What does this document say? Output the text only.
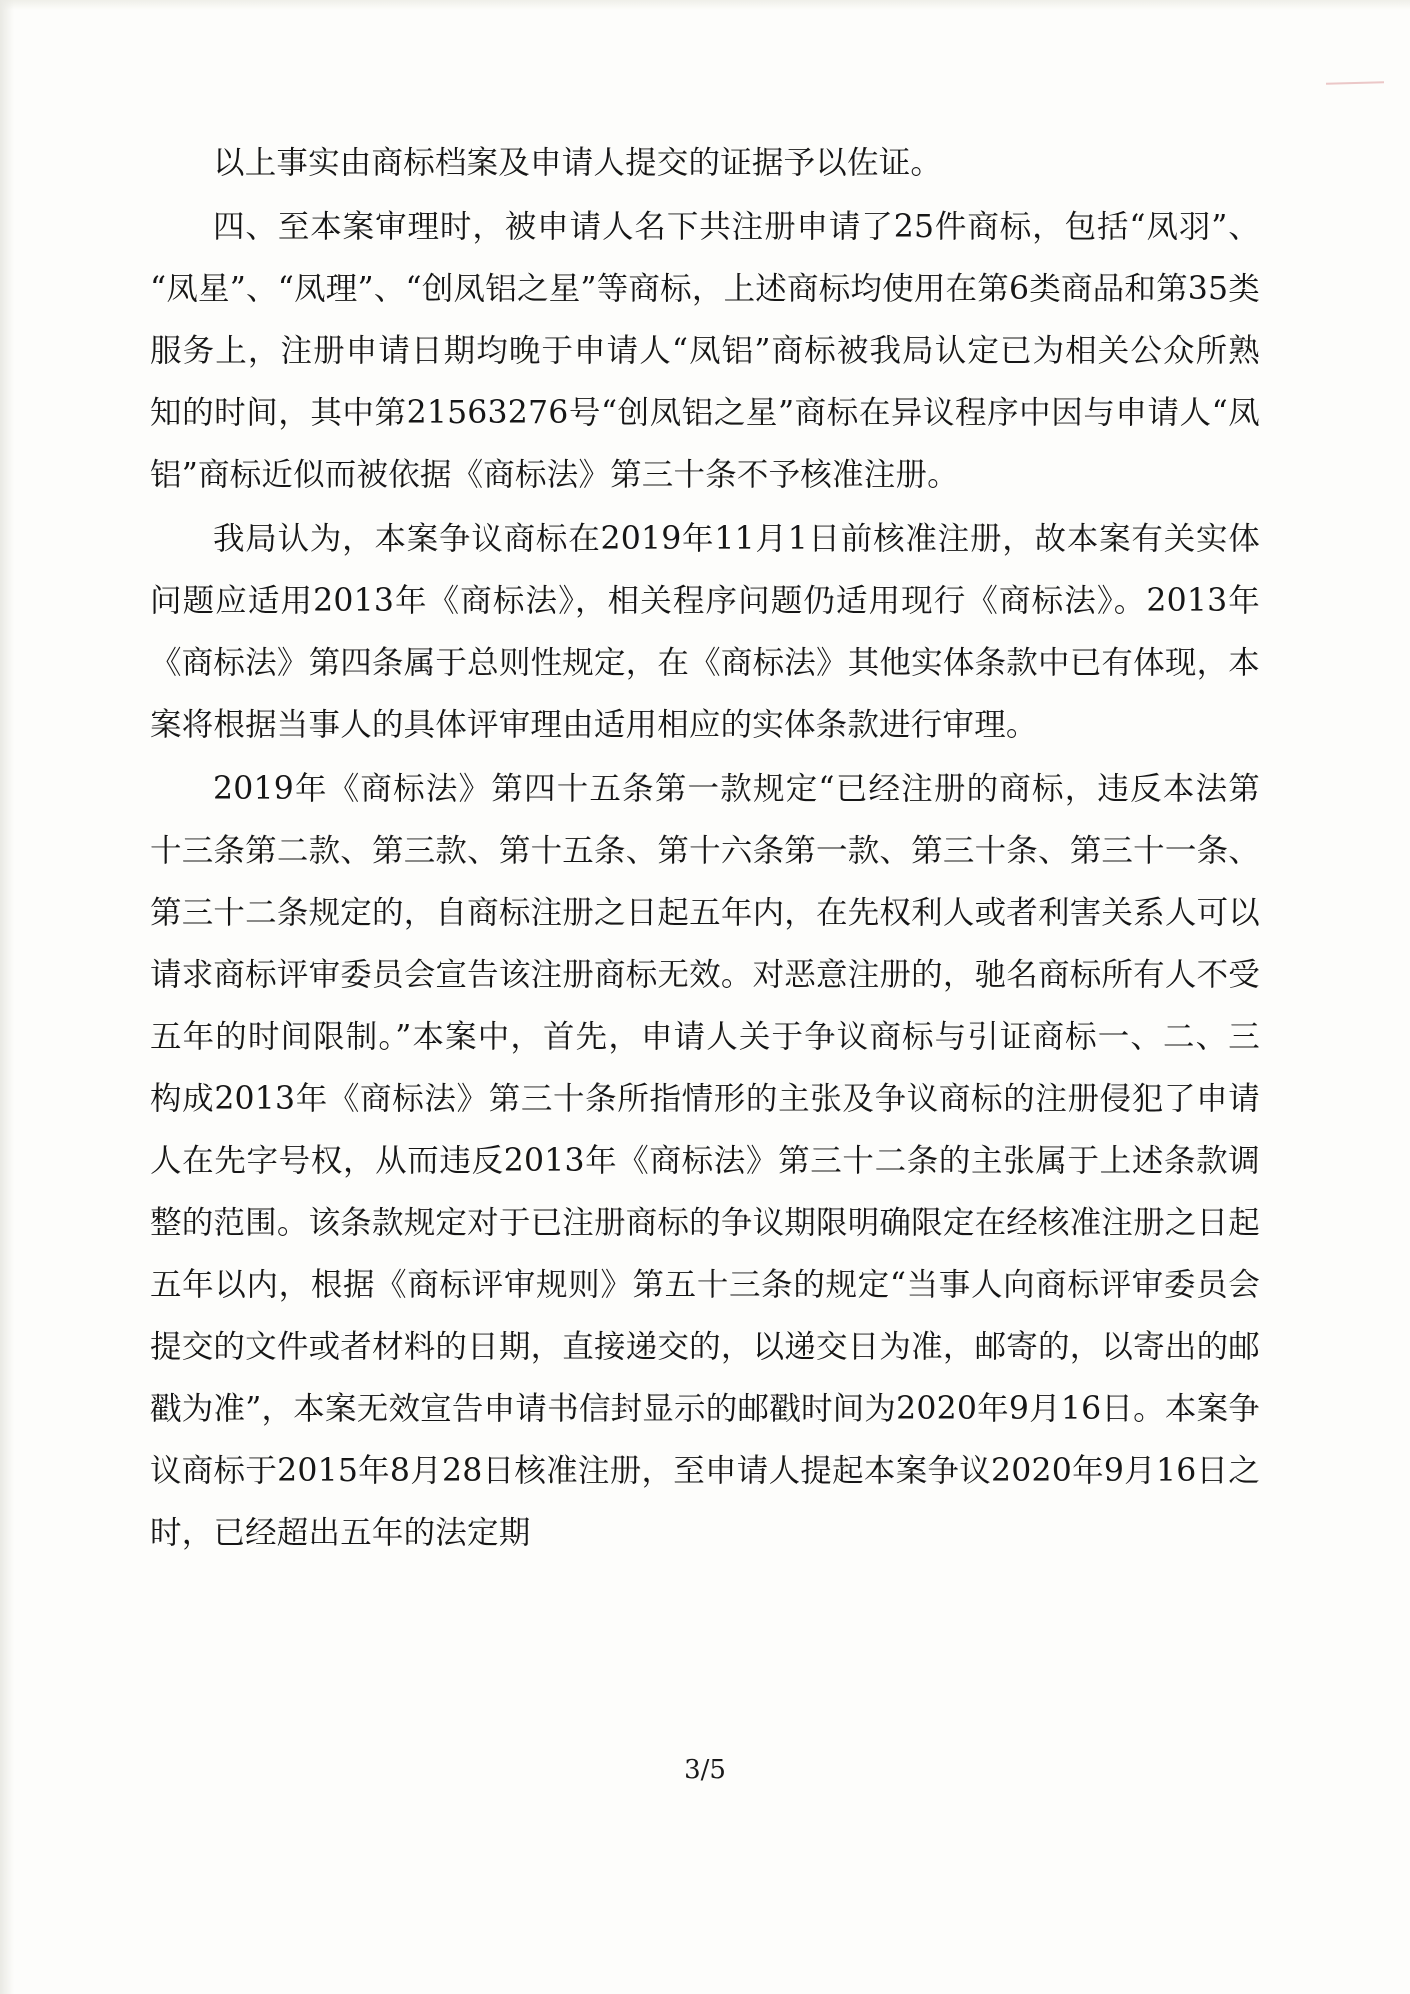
以上事实由商标档案及申请人提交的证据予以佐证。

四、至本案审理时，被申请人名下共注册申请了25件商标，包括“凤羽”、“凤星”、“凤理”、“创凤铝之星”等商标，上述商标均使用在第6类商品和第35类服务上，注册申请日期均晚于申请人“凤铝”商标被我局认定已为相关公众所熟知的时间，其中第21563276号“创凤铝之星”商标在异议程序中因与申请人“凤铝”商标近似而被依据《商标法》第三十条不予核准注册。

我局认为，本案争议商标在2019年11月1日前核准注册，故本案有关实体问题应适用2013年《商标法》，相关程序问题仍适用现行《商标法》。2013年《商标法》第四条属于总则性规定，在《商标法》其他实体条款中已有体现，本案将根据当事人的具体评审理由适用相应的实体条款进行审理。

2019年《商标法》第四十五条第一款规定“已经注册的商标，违反本法第十三条第二款、第三款、第十五条、第十六条第一款、第三十条、第三十一条、第三十二条规定的，自商标注册之日起五年内，在先权利人或者利害关系人可以请求商标评审委员会宣告该注册商标无效。对恶意注册的，驰名商标所有人不受五年的时间限制。”本案中，首先，申请人关于争议商标与引证商标一、二、三构成2013年《商标法》第三十条所指情形的主张及争议商标的注册侵犯了申请人在先字号权，从而违反2013年《商标法》第三十二条的主张属于上述条款调整的范围。该条款规定对于已注册商标的争议期限明确限定在经核准注册之日起五年以内，根据《商标评审规则》第五十三条的规定“当事人向商标评审委员会提交的文件或者材料的日期，直接递交的，以递交日为准，邮寄的，以寄出的邮戳为准”，本案无效宣告申请书信封显示的邮戳时间为2020年9月16日。本案争议商标于2015年8月28日核准注册，至申请人提起本案争议2020年9月16日之时，已经超出五年的法定期

3/5
